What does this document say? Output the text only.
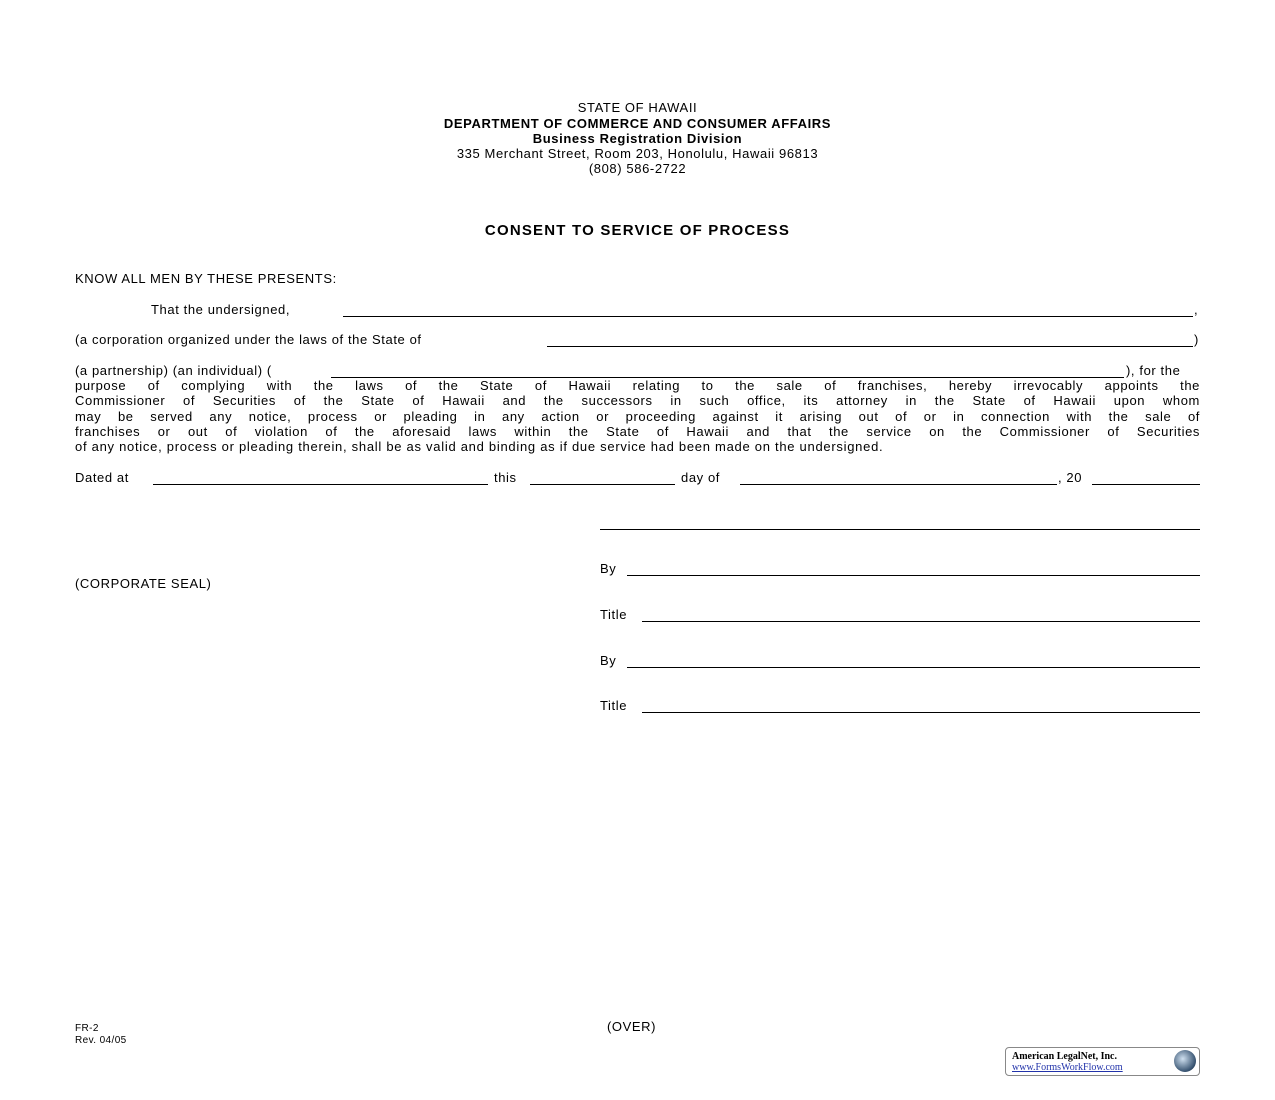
STATE OF HAWAII
DEPARTMENT OF COMMERCE AND CONSUMER AFFAIRS
Business Registration Division
335 Merchant Street, Room 203, Honolulu, Hawaii 96813
(808) 586-2722
CONSENT TO SERVICE OF PROCESS
KNOW ALL MEN BY THESE PRESENTS:
That the undersigned,	,
(a corporation organized under the laws of the State of	)
(a partnership) (an individual) (	), for the
purpose of complying with the laws of the State of Hawaii relating to the sale of franchises, hereby irrevocably appoints the
Commissioner of Securities of the State of Hawaii and the successors in such office, its attorney in the State of Hawaii upon whom
may be served any notice, process or pleading in any action or proceeding against it arising out of or in connection with the sale of
franchises or out of violation of the aforesaid laws within the State of Hawaii and that the service on the Commissioner of Securities
of any notice, process or pleading therein, shall be as valid and binding as if due service had been made on the undersigned.
Dated at	this	day of	, 20
(CORPORATE SEAL)
By
Title
By
Title
FR-2
Rev. 04/05
(OVER)
American LegalNet, Inc.
www.FormsWorkFlow.com
